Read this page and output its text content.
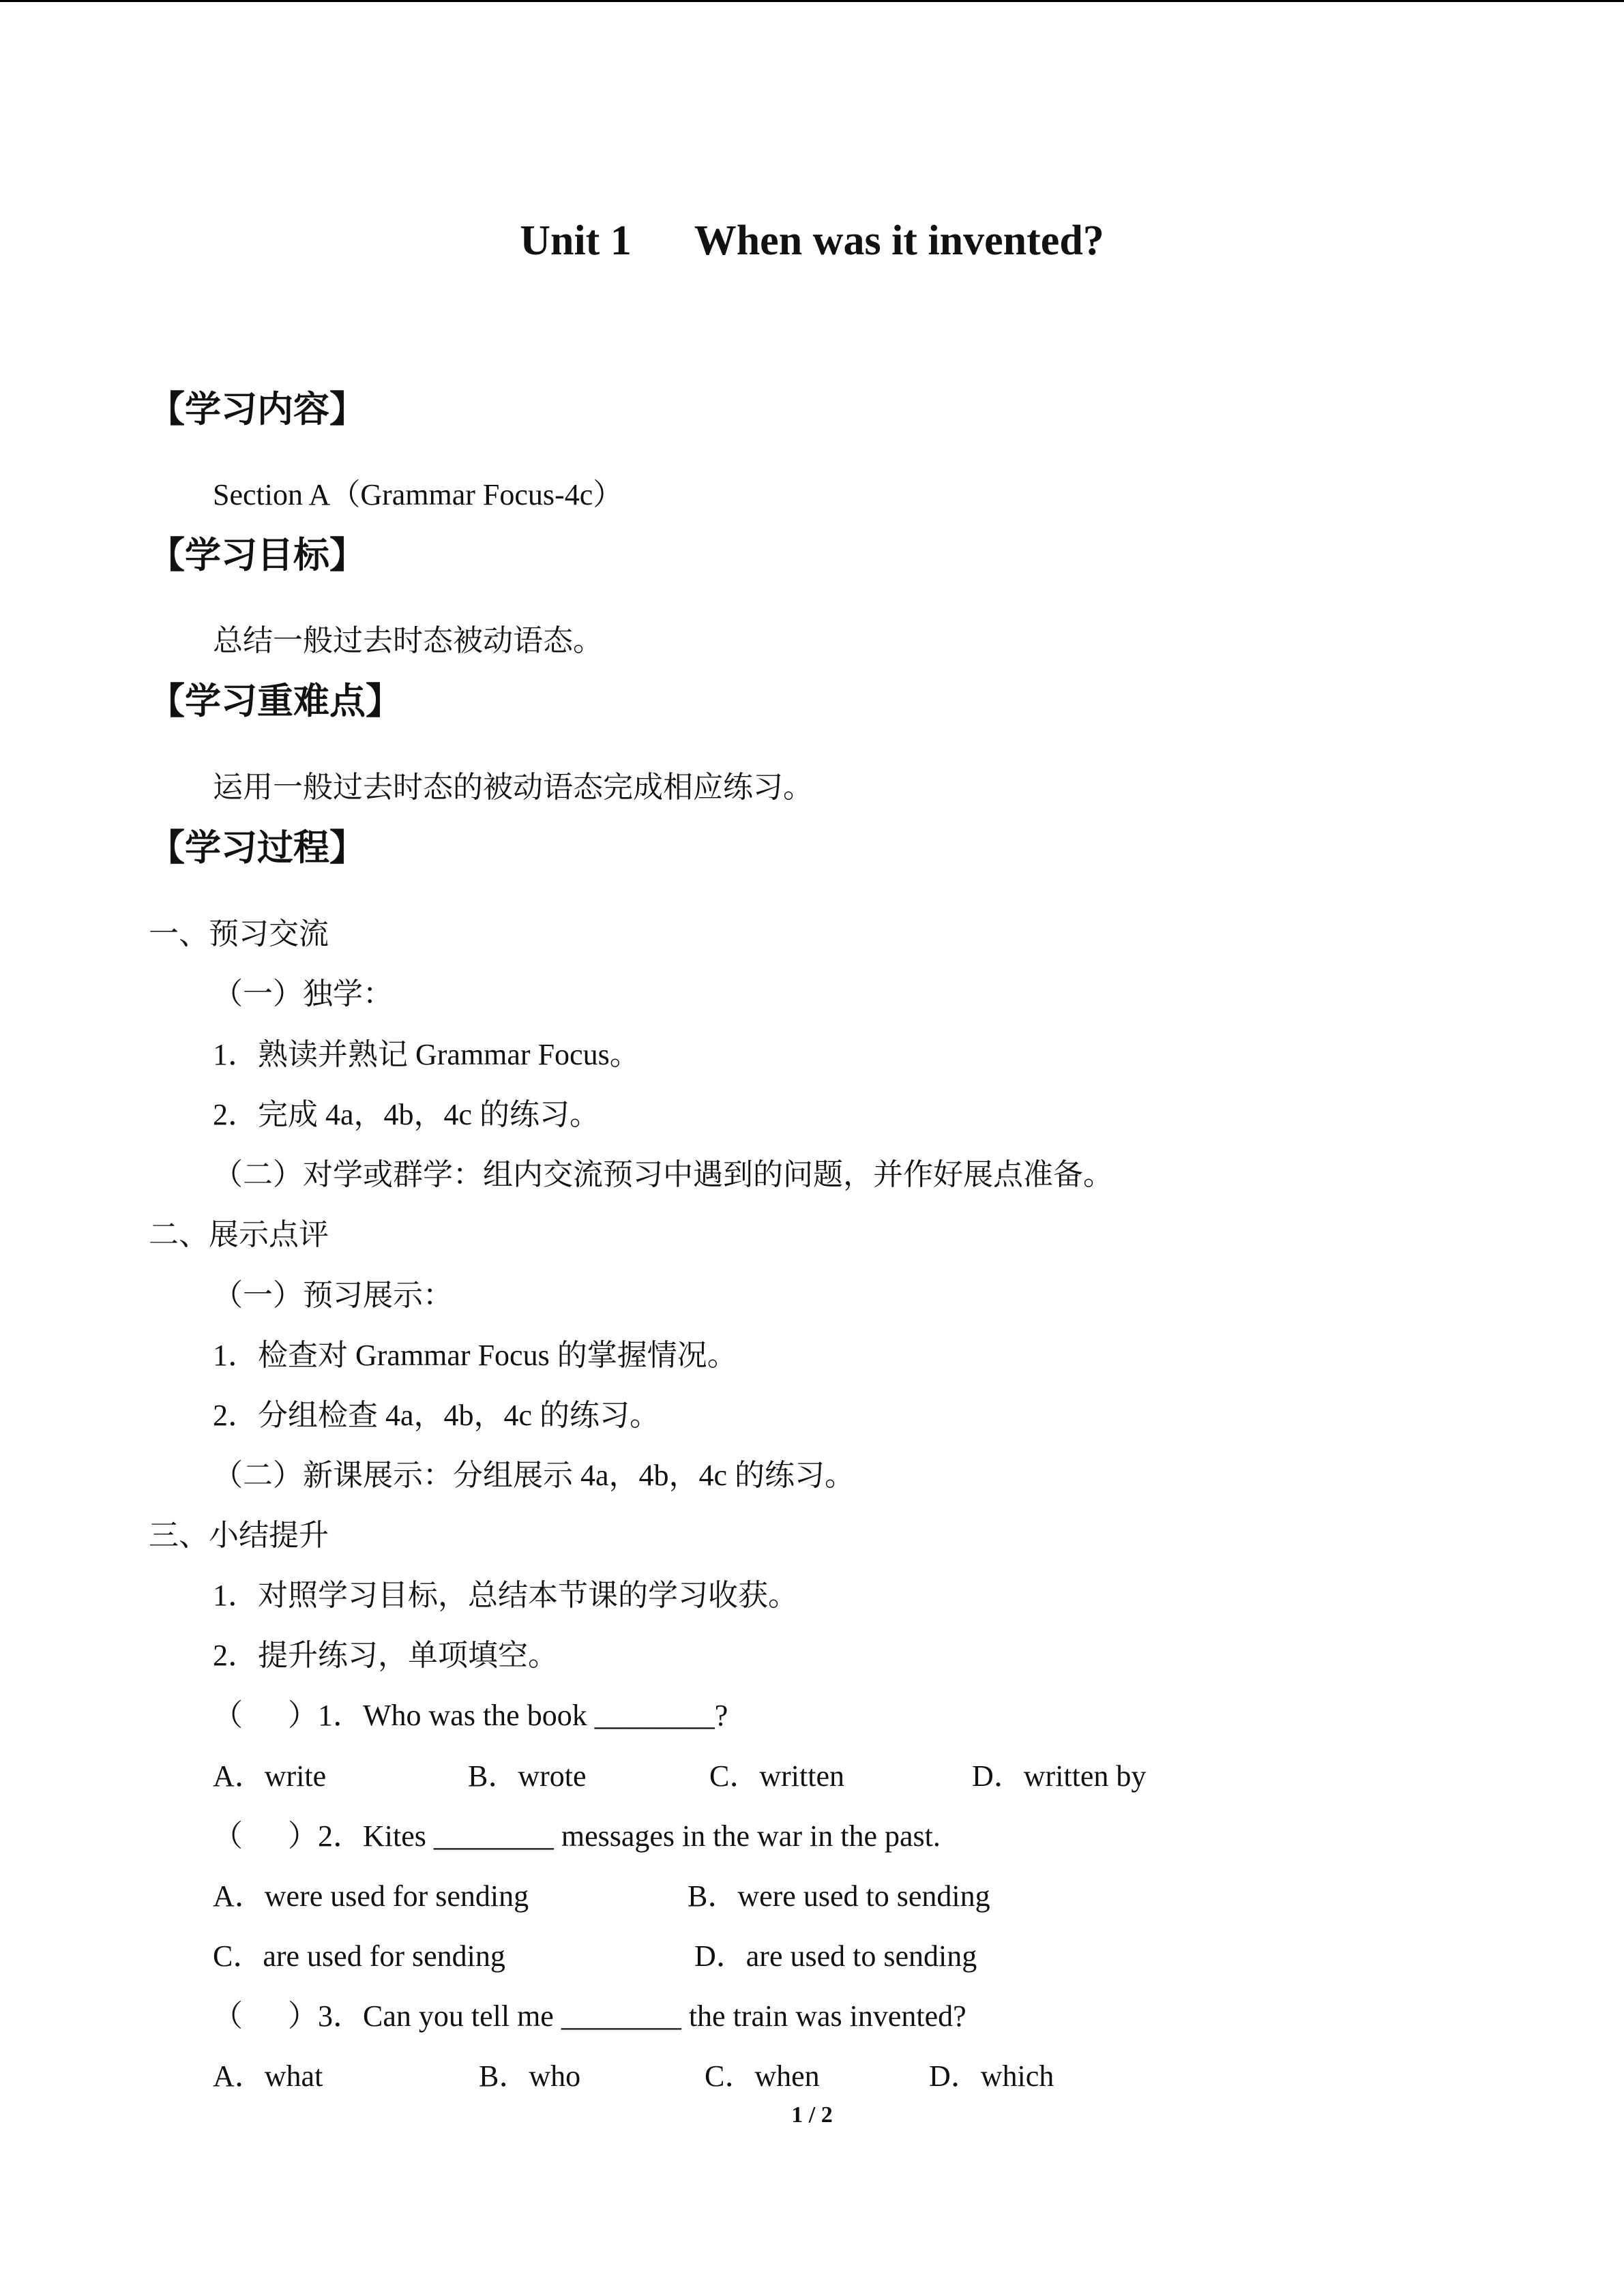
Unit 1      When was it invented?
【学习内容】
Section A（Grammar Focus-4c）
【学习目标】
总结一般过去时态被动语态。
【学习重难点】
运用一般过去时态的被动语态完成相应练习。
【学习过程】
一、预习交流
（一）独学：
1．熟读并熟记 Grammar Focus。
2．完成 4a，4b，4c 的练习。
（二）对学或群学：组内交流预习中遇到的问题，并作好展点准备。
二、展示点评
（一）预习展示：
1．检查对 Grammar Focus 的掌握情况。
2．分组检查 4a，4b，4c 的练习。
（二）新课展示：分组展示 4a，4b，4c 的练习。
三、小结提升
1．对照学习目标，总结本节课的学习收获。
2．提升练习，单项填空。
（      ）1．Who was the book ________?
A．write	B．wrote	C．written	D．written by
（      ）2．Kites ________ messages in the war in the past.
A．were used for sending	B．were used to sending
C．are used for sending	D．are used to sending
（      ）3．Can you tell me ________ the train was invented?
A．what	B．who	C．when	D．which
1 / 2
